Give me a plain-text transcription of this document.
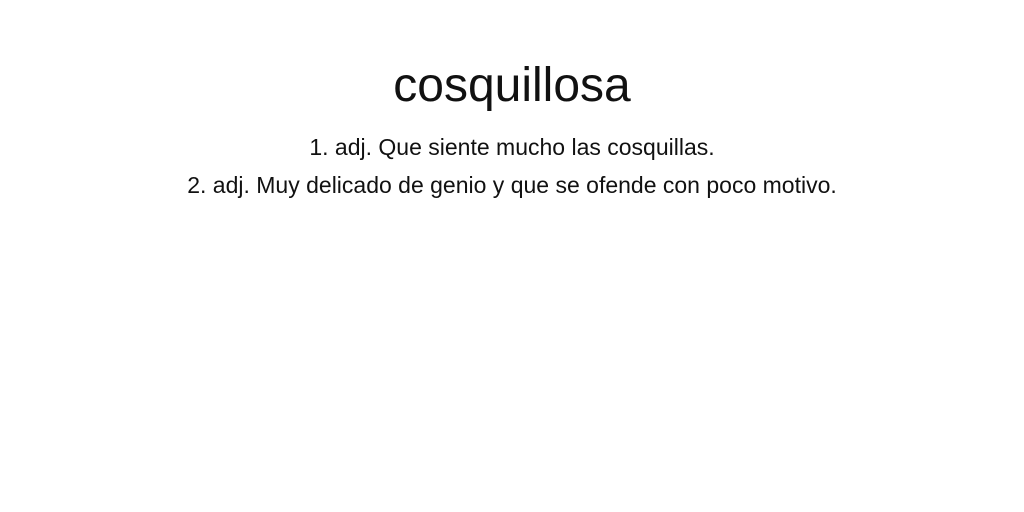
cosquillosa
1. adj. Que siente mucho las cosquillas.
2. adj. Muy delicado de genio y que se ofende con poco motivo.
